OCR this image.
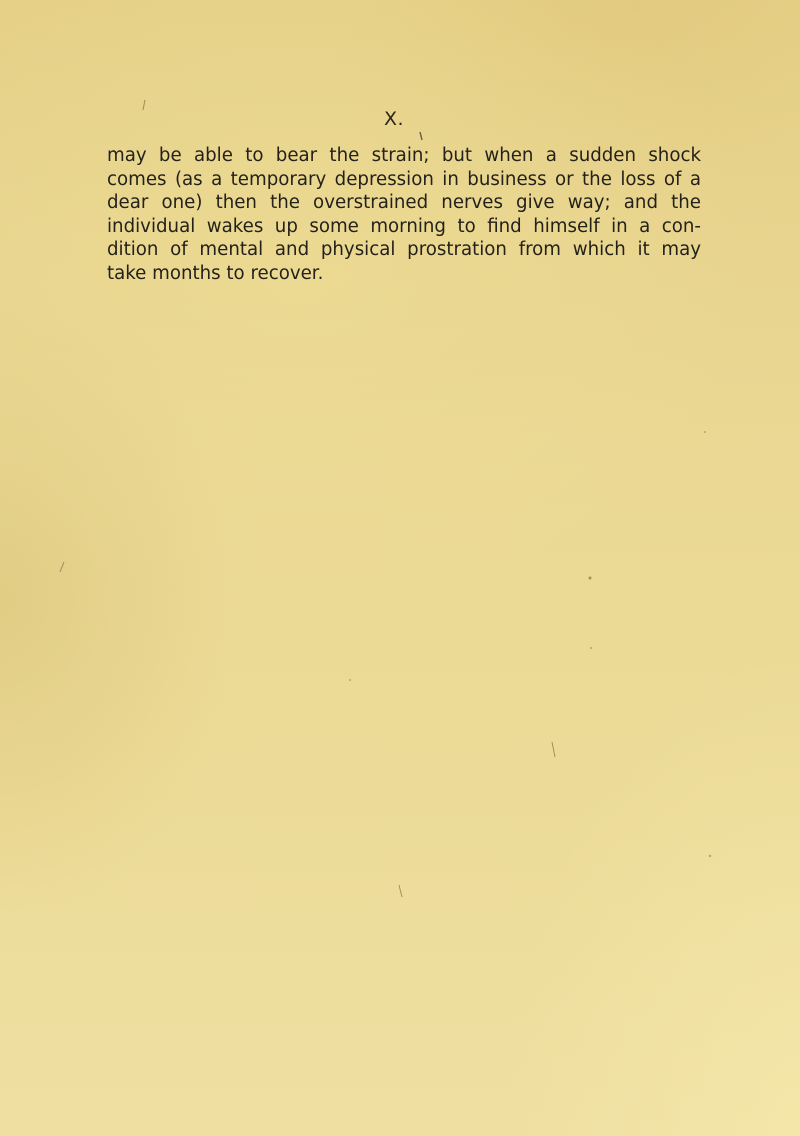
X.

may be able to bear the strain; but when a sudden shock
comes (as a temporary depression in business or the loss of a
dear one) then the overstrained nerves give way; and the
individual wakes up some morning to find himself in a con-
dition of mental and physical prostration from which it may
take months to recover.
